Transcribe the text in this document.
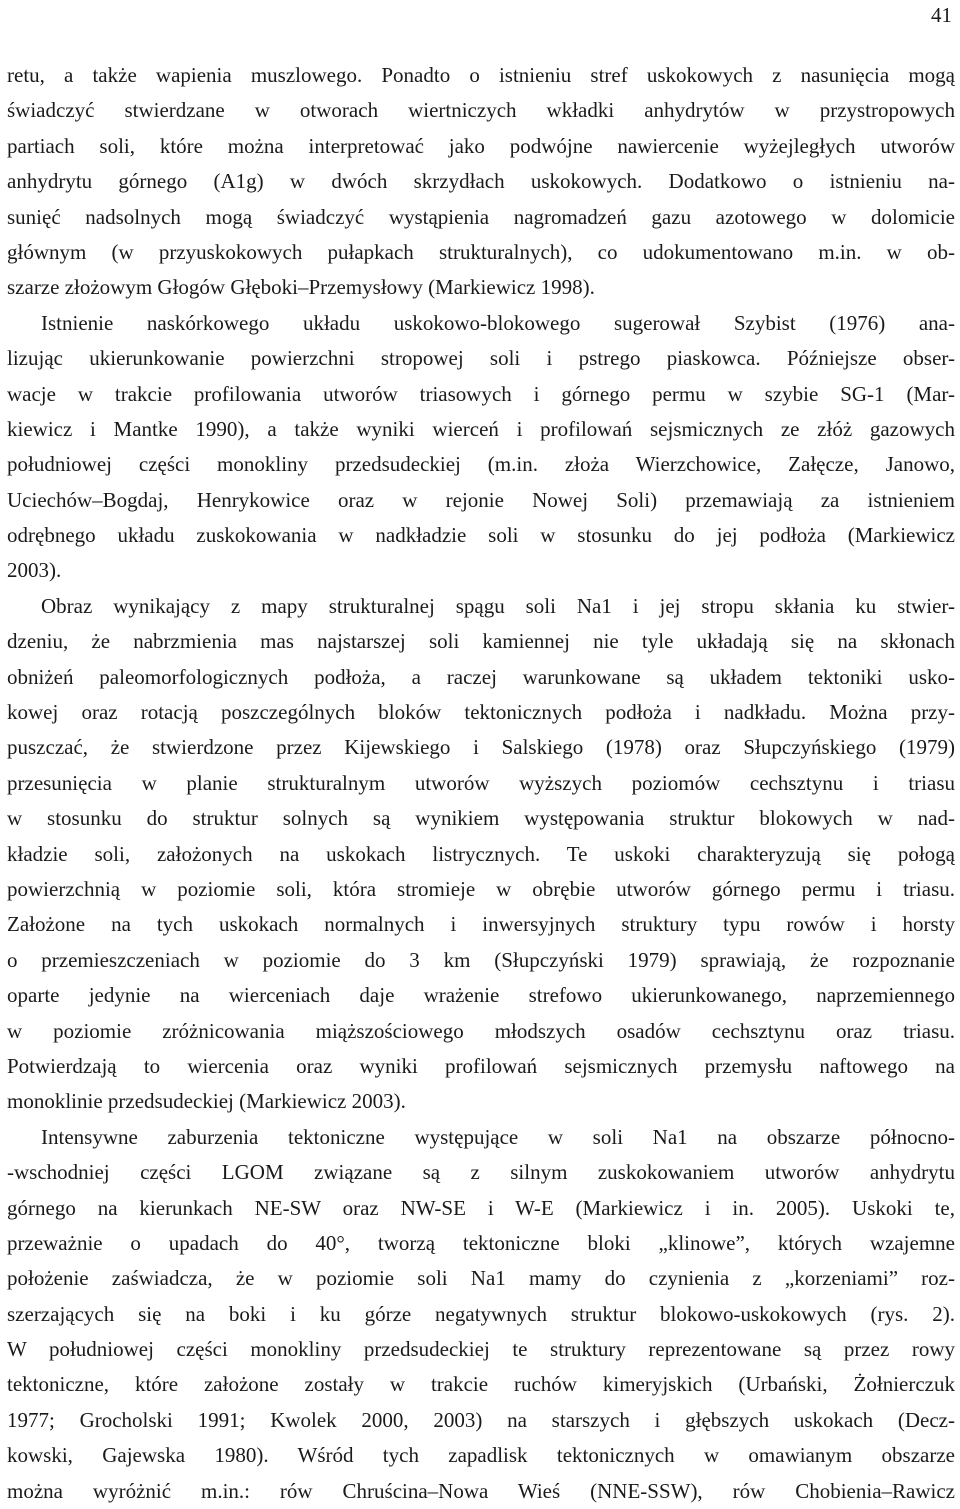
41
retu, a także wapienia muszlowego. Ponadto o istnieniu stref uskokowych z nasunięcia mogą
świadczyć stwierdzane w otworach wiertniczych wkładki anhydrytów w przystropowych
partiach soli, które można interpretować jako podwójne nawiercenie wyżejległych utworów
anhydrytu górnego (A1g) w dwóch skrzydłach uskokowych. Dodatkowo o istnieniu na-
sunięć nadsolnych mogą świadczyć wystąpienia nagromadzeń gazu azotowego w dolomicie
głównym (w przyuskokowych pułapkach strukturalnych), co udokumentowano m.in. w ob-
szarze złożowym Głogów Głęboki–Przemysłowy (Markiewicz 1998).
Istnienie naskórkowego układu uskokowo-blokowego sugerował Szybist (1976) ana-
lizując ukierunkowanie powierzchni stropowej soli i pstrego piaskowca. Późniejsze obser-
wacje w trakcie profilowania utworów triasowych i górnego permu w szybie SG-1 (Mar-
kiewicz i Mantke 1990), a także wyniki wierceń i profilowań sejsmicznych ze złóż gazowych
południowej części monokliny przedsudeckiej (m.in. złoża Wierzchowice, Załęcze, Janowo,
Uciechów–Bogdaj, Henrykowice oraz w rejonie Nowej Soli) przemawiają za istnieniem
odrębnego układu zuskokowania w nadkładzie soli w stosunku do jej podłoża (Markiewicz
2003).
Obraz wynikający z mapy strukturalnej spągu soli Na1 i jej stropu skłania ku stwier-
dzeniu, że nabrzmienia mas najstarszej soli kamiennej nie tyle układają się na skłonach
obniżeń paleomorfologicznych podłoża, a raczej warunkowane są układem tektoniki usko-
kowej oraz rotacją poszczególnych bloków tektonicznych podłoża i nadkładu. Można przy-
puszczać, że stwierdzone przez Kijewskiego i Salskiego (1978) oraz Słupczyńskiego (1979)
przesunięcia w planie strukturalnym utworów wyższych poziomów cechsztynu i triasu
w stosunku do struktur solnych są wynikiem występowania struktur blokowych w nad-
kładzie soli, założonych na uskokach listrycznych. Te uskoki charakteryzują się połogą
powierzchnią w poziomie soli, która stromieje w obrębie utworów górnego permu i triasu.
Założone na tych uskokach normalnych i inwersyjnych struktury typu rowów i horsty
o przemieszczeniach w poziomie do 3 km (Słupczyński 1979) sprawiają, że rozpoznanie
oparte jedynie na wierceniach daje wrażenie strefowo ukierunkowanego, naprzemiennego
w poziomie zróżnicowania miąższościowego młodszych osadów cechsztynu oraz triasu.
Potwierdzają to wiercenia oraz wyniki profilowań sejsmicznych przemysłu naftowego na
monoklinie przedsudeckiej (Markiewicz 2003).
Intensywne zaburzenia tektoniczne występujące w soli Na1 na obszarze północno-
-wschodniej części LGOM związane są z silnym zuskokowaniem utworów anhydrytu
górnego na kierunkach NE-SW oraz NW-SE i W-E (Markiewicz i in. 2005). Uskoki te,
przeważnie o upadach do 40°, tworzą tektoniczne bloki „klinowe”, których wzajemne
położenie zaświadcza, że w poziomie soli Na1 mamy do czynienia z „korzeniami” roz-
szerzających się na boki i ku górze negatywnych struktur blokowo-uskokowych (rys. 2).
W południowej części monokliny przedsudeckiej te struktury reprezentowane są przez rowy
tektoniczne, które założone zostały w trakcie ruchów kimeryjskich (Urbański, Żołnierczuk
1977; Grocholski 1991; Kwolek 2000, 2003) na starszych i głębszych uskokach (Decz-
kowski, Gajewska 1980). Wśród tych zapadlisk tektonicznych w omawianym obszarze
można wyróżnić m.in.: rów Chruścina–Nowa Wieś (NNE-SSW), rów Chobienia–Rawicz
